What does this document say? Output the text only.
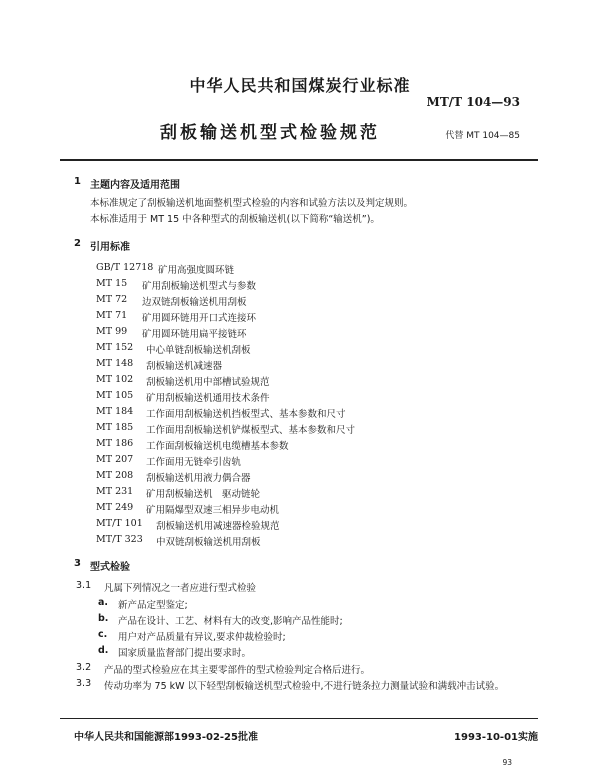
中华人民共和国煤炭行业标准
MT/T 104—93
刮板输送机型式检验规范	代替 MT 104—85
1 主题内容及适用范围
本标准规定了刮板输送机地面整机型式检验的内容和试验方法以及判定规则。
本标准适用于 MT 15 中各种型式的刮板输送机(以下简称“输送机”)。
2 引用标准
GB/T 12718 矿用高强度圆环链
MT 15 矿用刮板输送机型式与参数
MT 72 边双链刮板输送机用刮板
MT 71 矿用圆环链用开口式连接环
MT 99 矿用圆环链用扁平接链环
MT 152 中心单链刮板输送机刮板
MT 148 刮板输送机减速器
MT 102 刮板输送机用中部槽试验规范
MT 105 矿用刮板输送机通用技术条件
MT 184 工作面用刮板输送机挡板型式、基本参数和尺寸
MT 185 工作面用刮板输送机铲煤板型式、基本参数和尺寸
MT 186 工作面刮板输送机电缆槽基本参数
MT 207 工作面用无链牵引齿轨
MT 208 刮板输送机用液力偶合器
MT 231 矿用刮板输送机　驱动链轮
MT 249 矿用隔爆型双速三相异步电动机
MT/T 101 刮板输送机用减速器检验规范
MT/T 323 中双链刮板输送机用刮板
3 型式检验
3.1 凡属下列情况之一者应进行型式检验
a. 新产品定型鉴定;
b. 产品在设计、工艺、材料有大的改变,影响产品性能时;
c. 用户对产品质量有异议,要求仲裁检验时;
d. 国家质量监督部门提出要求时。
3.2 产品的型式检验应在其主要零部件的型式检验判定合格后进行。
3.3 传动功率为 75 kW 以下轻型刮板输送机型式检验中,不进行链条拉力测量试验和满载冲击试验。
中华人民共和国能源部1993-02-25批准	1993-10-01实施
93
